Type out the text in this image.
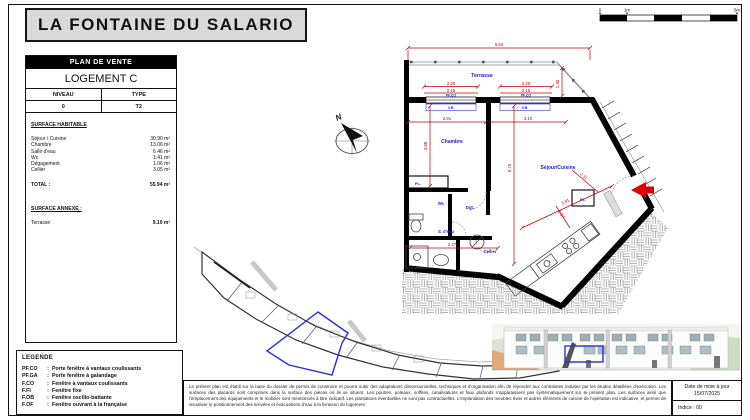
LA FONTAINE DU SALARIO
PLAN DE VENTE
LOGEMENT C
NIVEAU	TYPE
0	T2
SURFACE HABITABLE
Séjour / Cuisine	30.90 m²
Chambre	13.06 m²
Salle d'eau	6.46 m²
Wc	1.41 m²
Dégagement	1.06 m²
Cellier	3.05 m²
TOTAL :	55.94 m²
SURFACE ANNEXE :
Terrasse	9.10 m²
LEGENDE
PF.CO	: Porte fenêtre à vantaux coulissants
PF.GA	: Porte fenêtre à galandage
F.CO	: Fenêtre à vantaux coulissants
F.FI	: Fenêtre fixe
F.OB	: Fenêtre oscillo-battante
F.OF	: Fenêtre ouvrant à la française

Le présent plan est établi sur la base du dossier de permis de construire et pourra subir des adaptations dimensionnelles, techniques et d'organisation afin de répondre aux contraintes induites par les études détaillées d'exécution. Les surfaces des placards sont comprises dans la surface des pièces où ils se situent. Les poutres, poteaux, soffites, canalisations et faux plafonds n'apparaissent pas systématiquement sur le présent plan. Les surfaces ainsi que l'emplacement des équipements et le mobilier sont mentionnés à titre indicatif. Les plantations éventuelles ne sont pas contractuelles. L'implantation des meubles évier et autres éléments de cuisine de l'opération est indicative, et permet de visualiser le positionnement des arrivées et évacuations d'eau à la livraison du logement.

Date de mise à jour
15/07/2025
Indice : 00
0	1m	5m
6.63
2.20
2.15
2.20
2.15
1.30
2.91	3.10
3.88
5.79
2.27
3.81
2.11
1.07
Terrasse
PF.CO	PF.CO
V.R.	V.R.
Chambre
Séjour/Cuisine
Wc
Dgt.
PL.
PL.
S. d'eau
Cellier
N
